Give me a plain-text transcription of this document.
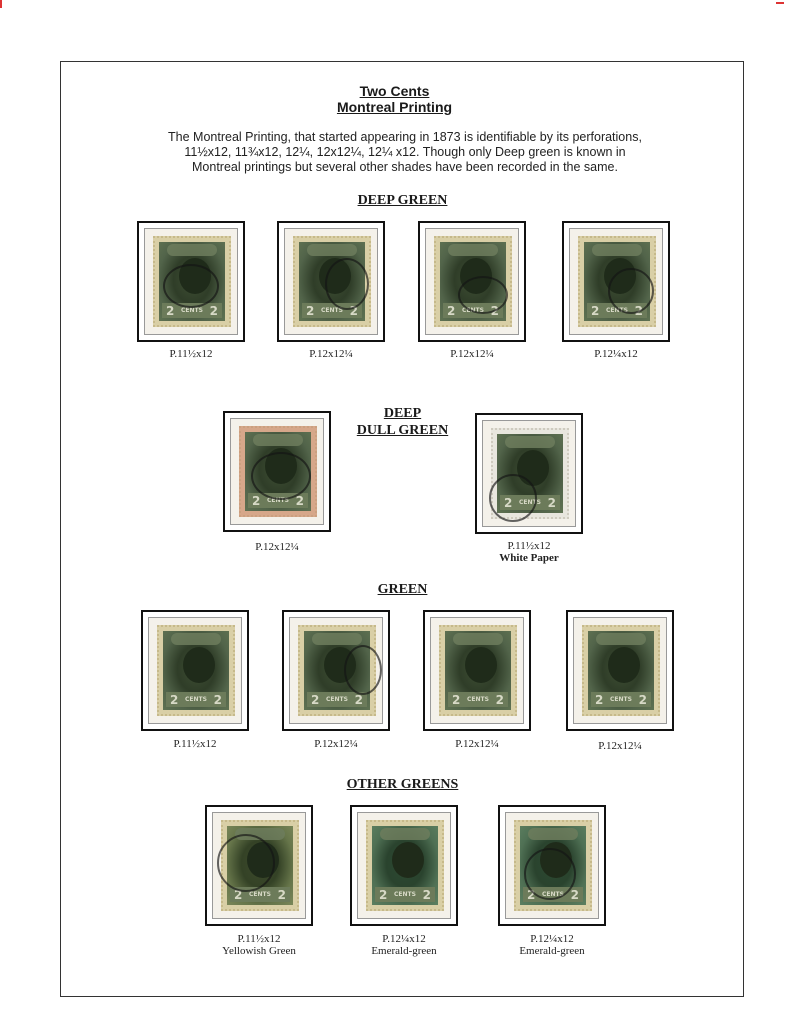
Two Cents
Montreal Printing
The Montreal Printing, that started appearing in 1873 is identifiable by its perforations,
11½x12, 11¾x12, 12¼, 12x12¼, 12¼ x12. Though only Deep green is known in
Montreal printings but several other shades have been recorded in the same.
DEEP GREEN
2 CENTS 2
P.11½x12
2 CENTS 2
P.12x12¼
2 CENTS 2
P.12x12¼
2 CENTS 2
P.12¼x12
DEEP
DULL GREEN
2 CENTS 2
P.12x12¼
2 CENTS 2
P.11½x12
White Paper
GREEN
2 CENTS 2
P.11½x12
2 CENTS 2
P.12x12¼
2 CENTS 2
P.12x12¼
2 CENTS 2
P.12x12¼
OTHER GREENS
2 CENTS 2
P.11½x12
Yellowish Green
2 CENTS 2
P.12¼x12
Emerald-green
2 CENTS 2
P.12¼x12
Emerald-green
